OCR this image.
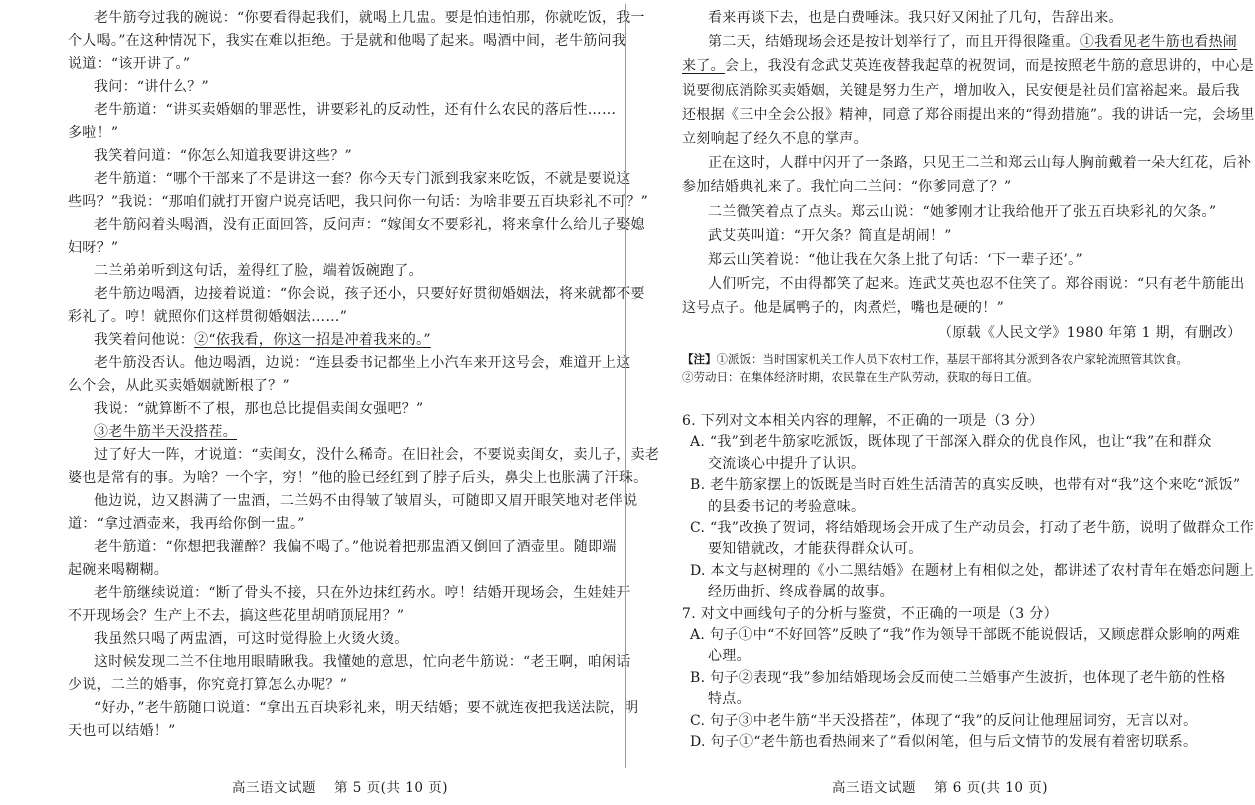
老牛筋夸过我的碗说：“你要看得起我们，就喝上几盅。要是怕违怕那，你就吃饭，我一
个人喝。”在这种情况下，我实在难以拒绝。于是就和他喝了起来。喝酒中间，老牛筋问我
说道：“该开讲了。”
我问：“讲什么？”
老牛筋道：“讲买卖婚姻的罪恶性，讲要彩礼的反动性，还有什么农民的落后性……
多啦！”
我笑着问道：“你怎么知道我要讲这些？”
老牛筋道：“哪个干部来了不是讲这一套？你今天专门派到我家来吃饭，不就是要说这
些吗？”我说：“那咱们就打开窗户说亮话吧，我只问你一句话：为啥非要五百块彩礼不可？”
老牛筋闷着头喝酒，没有正面回答，反问声：“嫁闺女不要彩礼，将来拿什么给儿子娶媳
妇呀？”
二兰弟弟听到这句话，羞得红了脸，端着饭碗跑了。
老牛筋边喝酒，边接着说道：“你会说，孩子还小，只要好好贯彻婚姻法，将来就都不要
彩礼了。哼！就照你们这样贯彻婚姻法……”
我笑着问他说：②“依我看，你这一招是冲着我来的。”
老牛筋没否认。他边喝酒，边说：“连县委书记都坐上小汽车来开这号会，难道开上这
么个会，从此买卖婚姻就断根了？”
我说：“就算断不了根，那也总比提倡卖闺女强吧？”
③老牛筋半天没搭茬。
过了好大一阵，才说道：“卖闺女，没什么稀奇。在旧社会，不要说卖闺女，卖儿子，卖老
婆也是常有的事。为啥？一个字，穷！”他的脸已经红到了脖子后头，鼻尖上也胀满了汗珠。
他边说，边又斟满了一盅酒，二兰妈不由得皱了皱眉头，可随即又眉开眼笑地对老伴说
道：“拿过酒壶来，我再给你倒一盅。”
老牛筋道：“你想把我灌醉？我偏不喝了。”他说着把那盅酒又倒回了酒壶里。随即端
起碗来喝糊糊。
老牛筋继续说道：“断了骨头不接，只在外边抹红药水。哼！结婚开现场会，生娃娃开
不开现场会？生产上不去，搞这些花里胡哨顶屁用？”
我虽然只喝了两盅酒，可这时觉得脸上火烫火烫。
这时候发现二兰不住地用眼睛瞅我。我懂她的意思，忙向老牛筋说：“老王啊，咱闲话
少说，二兰的婚事，你究竟打算怎么办呢？”
“好办，”老牛筋随口说道：“拿出五百块彩礼来，明天结婚；要不就连夜把我送法院，明
天也可以结婚！”
高三语文试题 第 5 页(共 10 页)
看来再谈下去，也是白费唾沫。我只好又闲扯了几句，告辞出来。
第二天，结婚现场会还是按计划举行了，而且开得很隆重。①我看见老牛筋也看热闹
来了。会上，我没有念武艾英连夜替我起草的祝贺词，而是按照老牛筋的意思讲的，中心是
说要彻底消除买卖婚姻，关键是努力生产，增加收入，民安便是社员们富裕起来。最后我
还根据《三中全会公报》精神，同意了郑谷雨提出来的“得劲措施”。我的讲话一完，会场里
立刻响起了经久不息的掌声。
正在这时，人群中闪开了一条路，只见王二兰和郑云山每人胸前戴着一朵大红花，后补
参加结婚典礼来了。我忙向二兰问：“你爹同意了？”
二兰微笑着点了点头。郑云山说：“她爹刚才让我给他开了张五百块彩礼的欠条。”
武艾英叫道：“开欠条？简直是胡闹！”
郑云山笑着说：“他让我在欠条上批了句话：‘下一辈子还’。”
人们听完，不由得都笑了起来。连武艾英也忍不住笑了。郑谷雨说：“只有老牛筋能出
这号点子。他是属鸭子的，肉煮烂，嘴也是硬的！”
（原载《人民文学》1980 年第 1 期，有删改）
【注】①派饭：当时国家机关工作人员下农村工作，基层干部将其分派到各农户家轮流照管其饮食。
②劳动日：在集体经济时期，农民靠在生产队劳动，获取的每日工值。
6. 下列对文本相关内容的理解，不正确的一项是（3 分）
A. “我”到老牛筋家吃派饭，既体现了干部深入群众的优良作风，也让“我”在和群众
交流谈心中提升了认识。
B. 老牛筋家摆上的饭既是当时百姓生活清苦的真实反映，也带有对“我”这个来吃“派饭”
的县委书记的考验意味。
C. “我”改换了贺词，将结婚现场会开成了生产动员会，打动了老牛筋，说明了做群众工作
要知错就改，才能获得群众认可。
D. 本文与赵树理的《小二黑结婚》在题材上有相似之处，都讲述了农村青年在婚恋问题上
经历曲折、终成眷属的故事。
7. 对文中画线句子的分析与鉴赏，不正确的一项是（3 分）
A. 句子①中“不好回答”反映了“我”作为领导干部既不能说假话，又顾虑群众影响的两难
心理。
B. 句子②表现“我”参加结婚现场会反而使二兰婚事产生波折，也体现了老牛筋的性格
特点。
C. 句子③中老牛筋“半天没搭茬”，体现了“我”的反问让他理屈词穷，无言以对。
D. 句子①“老牛筋也看热闹来了”看似闲笔，但与后文情节的发展有着密切联系。
高三语文试题 第 6 页(共 10 页)
